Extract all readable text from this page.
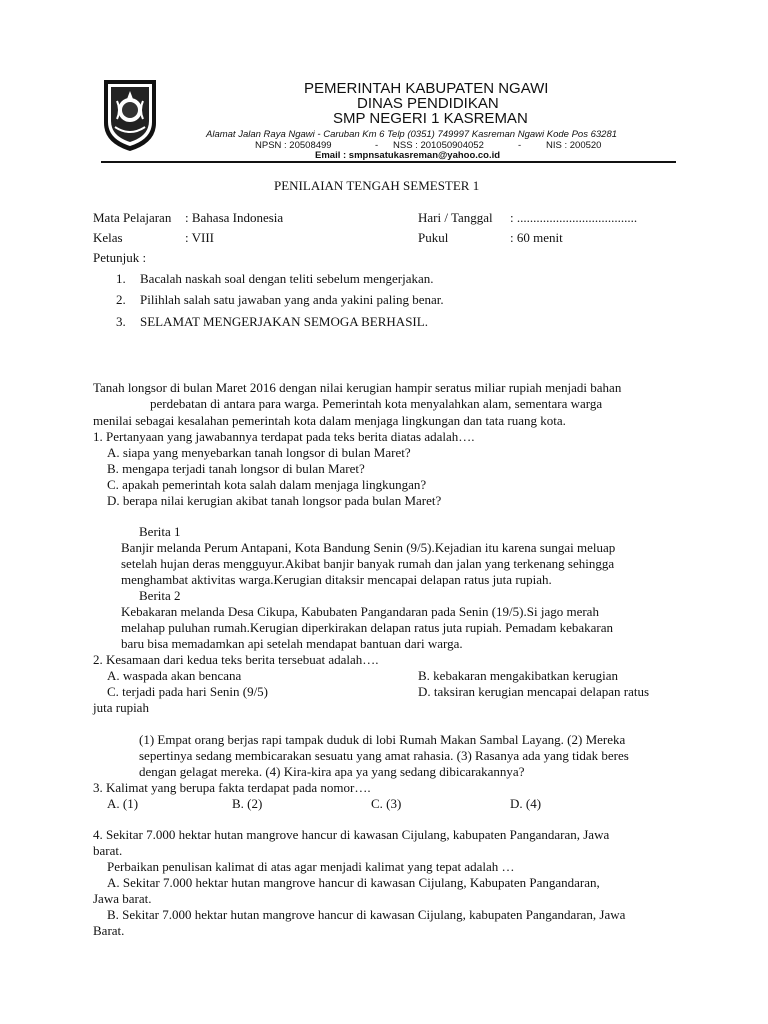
PEMERINTAH KABUPATEN NGAWI
DINAS PENDIDIKAN
SMP NEGERI 1 KASREMAN
Alamat Jalan Raya Ngawi - Caruban Km 6 Telp (0351) 749997 Kasreman Ngawi Kode Pos 63281
NPSN : 20508499	- NSS : 201050904052	-	NIS : 200520
Email : smpnsatukasreman@yahoo.co.id
PENILAIAN TENGAH SEMESTER 1
Mata Pelajaran : Bahasa Indonesia	Hari / Tanggal : .....................................
Kelas	: VIII	Pukul	: 60 menit
Petunjuk :
1. Bacalah naskah soal dengan teliti sebelum mengerjakan.
2. Pilihlah salah satu jawaban yang anda yakini paling benar.
3. SELAMAT MENGERJAKAN SEMOGA BERHASIL.
Tanah longsor di bulan Maret 2016 dengan nilai kerugian hampir seratus miliar rupiah menjadi bahan
perdebatan di antara para warga. Pemerintah kota menyalahkan alam, sementara warga
menilai sebagai kesalahan pemerintah kota dalam menjaga lingkungan dan tata ruang kota.
1. Pertanyaan yang jawabannya terdapat pada teks berita diatas adalah….
A. siapa yang menyebarkan tanah longsor di bulan Maret?
B. mengapa terjadi tanah longsor di bulan Maret?
C. apakah pemerintah kota salah dalam menjaga lingkungan?
D. berapa nilai kerugian akibat tanah longsor pada bulan Maret?
Berita 1
Banjir melanda Perum Antapani, Kota Bandung Senin (9/5).Kejadian itu karena sungai meluap
setelah hujan deras mengguyur.Akibat banjir banyak rumah dan jalan yang terkenang sehingga
menghambat aktivitas warga.Kerugian ditaksir mencapai delapan ratus juta rupiah.
Berita 2
Kebakaran melanda Desa Cikupa, Kabubaten Pangandaran pada Senin (19/5).Si jago merah
melahap puluhan rumah.Kerugian diperkirakan delapan ratus juta rupiah. Pemadam kebakaran
baru bisa memadamkan api setelah mendapat bantuan dari warga.
2. Kesamaan dari kedua teks berita tersebuat adalah….
A. waspada akan bencana	B. kebakaran mengakibatkan kerugian
C. terjadi pada hari Senin (9/5)	D. taksiran kerugian mencapai delapan ratus
juta rupiah
(1) Empat orang berjas rapi tampak duduk di lobi Rumah Makan Sambal Layang. (2) Mereka
sepertinya sedang membicarakan sesuatu yang amat rahasia. (3) Rasanya ada yang tidak beres
dengan gelagat mereka. (4) Kira-kira apa ya yang sedang dibicarakannya?
3. Kalimat yang berupa fakta terdapat pada nomor….
A. (1)	B. (2)	C. (3)	D. (4)
4. Sekitar 7.000 hektar hutan mangrove hancur di kawasan Cijulang, kabupaten Pangandaran, Jawa
barat.
Perbaikan penulisan kalimat di atas agar menjadi kalimat yang tepat adalah …
A. Sekitar 7.000 hektar hutan mangrove hancur di kawasan Cijulang, Kabupaten Pangandaran,
Jawa barat.
B. Sekitar 7.000 hektar hutan mangrove hancur di kawasan Cijulang, kabupaten Pangandaran, Jawa
Barat.
